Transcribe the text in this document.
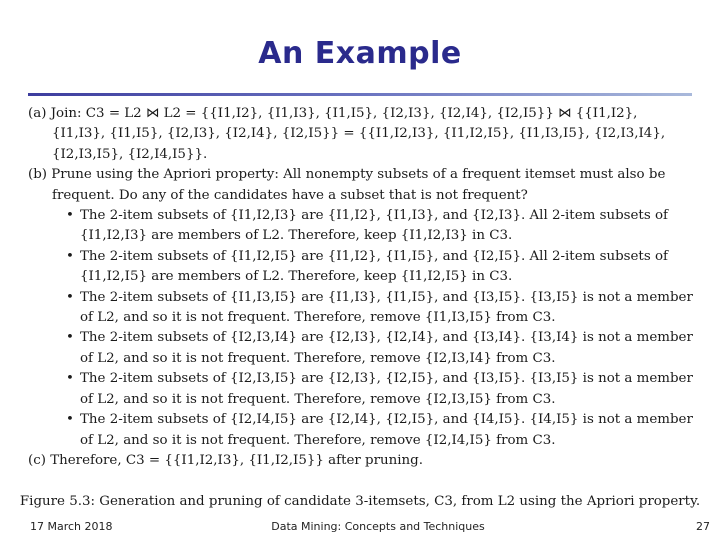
An Example

(a) Join: C3 = L2 ⋈ L2 = {{I1,I2}, {I1,I3}, {I1,I5}, {I2,I3}, {I2,I4}, {I2,I5}} ⋈ {{I1,I2}, {I1,I3}, {I1,I5}, {I2,I3}, {I2,I4}, {I2,I5}} = {{I1,I2,I3}, {I1,I2,I5}, {I1,I3,I5}, {I2,I3,I4}, {I2,I3,I5}, {I2,I4,I5}}.

(b) Prune using the Apriori property: All nonempty subsets of a frequent itemset must also be frequent. Do any of the candidates have a subset that is not frequent?

• The 2-item subsets of {I1,I2,I3} are {I1,I2}, {I1,I3}, and {I2,I3}. All 2-item subsets of {I1,I2,I3} are members of L2. Therefore, keep {I1,I2,I3} in C3.
• The 2-item subsets of {I1,I2,I5} are {I1,I2}, {I1,I5}, and {I2,I5}. All 2-item subsets of {I1,I2,I5} are members of L2. Therefore, keep {I1,I2,I5} in C3.
• The 2-item subsets of {I1,I3,I5} are {I1,I3}, {I1,I5}, and {I3,I5}. {I3,I5} is not a member of L2, and so it is not frequent. Therefore, remove {I1,I3,I5} from C3.
• The 2-item subsets of {I2,I3,I4} are {I2,I3}, {I2,I4}, and {I3,I4}. {I3,I4} is not a member of L2, and so it is not frequent. Therefore, remove {I2,I3,I4} from C3.
• The 2-item subsets of {I2,I3,I5} are {I2,I3}, {I2,I5}, and {I3,I5}. {I3,I5} is not a member of L2, and so it is not frequent. Therefore, remove {I2,I3,I5} from C3.
• The 2-item subsets of {I2,I4,I5} are {I2,I4}, {I2,I5}, and {I4,I5}. {I4,I5} is not a member of L2, and so it is not frequent. Therefore, remove {I2,I4,I5} from C3.

(c) Therefore, C3 = {{I1,I2,I3}, {I1,I2,I5}} after pruning.

Figure 5.3: Generation and pruning of candidate 3-itemsets, C3, from L2 using the Apriori property.
17 March 2018	Data Mining: Concepts and Techniques	27
